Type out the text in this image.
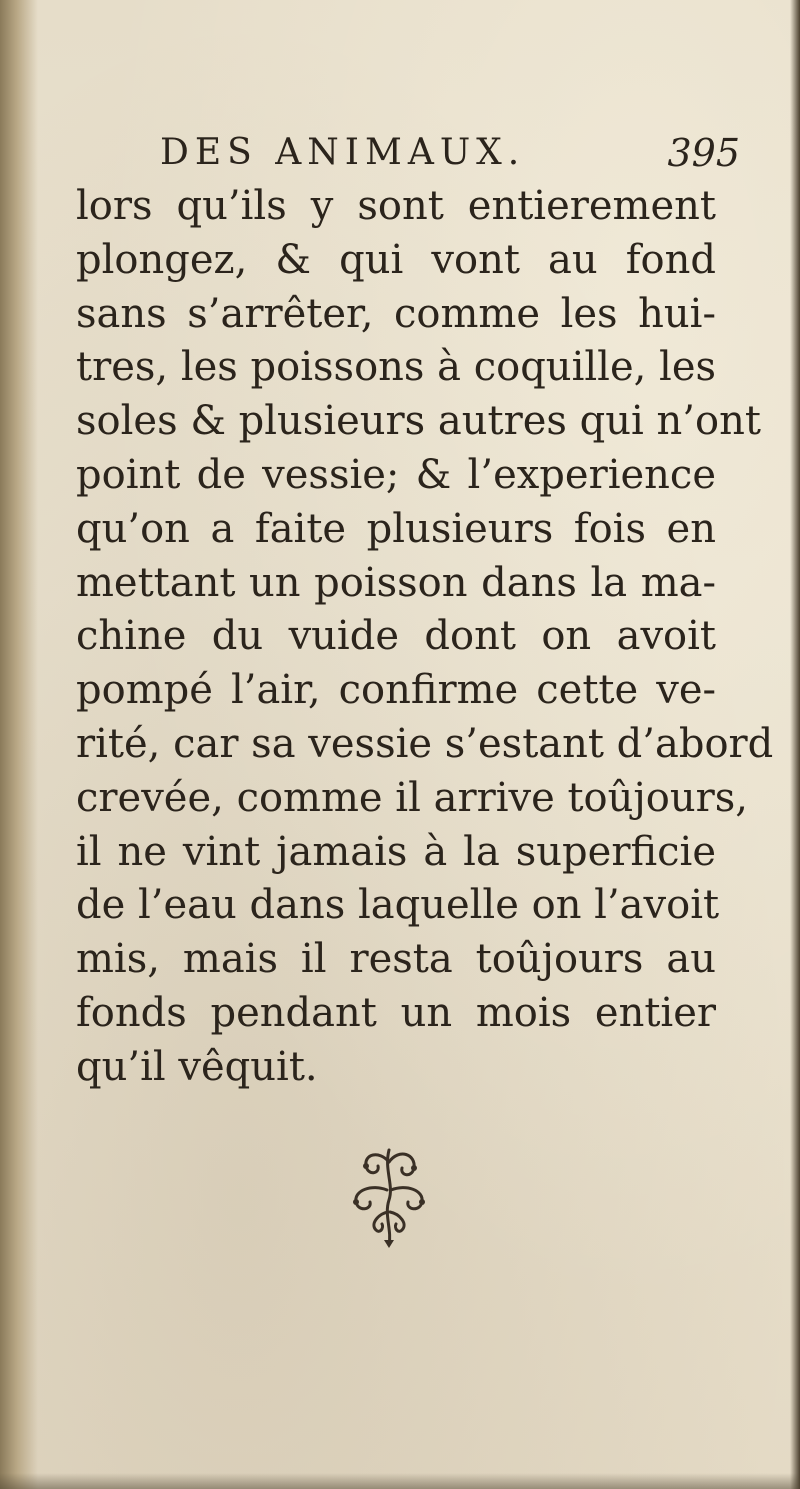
DES ANIMAUX.	395
lors qu’ils y sont entierement
plongez, & qui vont au fond
sans s’arrêter, comme les hui-
tres, les poissons à coquille, les
soles & plusieurs autres qui n’ont
point de vessie; & l’experience
qu’on a faite plusieurs fois en
mettant un poisson dans la ma-
chine du vuide dont on avoit
pompé l’air, confirme cette ve-
rité, car sa vessie s’estant d’abord
crevée, comme il arrive toûjours,
il ne vint jamais à la superficie
de l’eau dans laquelle on l’avoit
mis, mais il resta toûjours au
fonds pendant un mois entier
qu’il vêquit.
